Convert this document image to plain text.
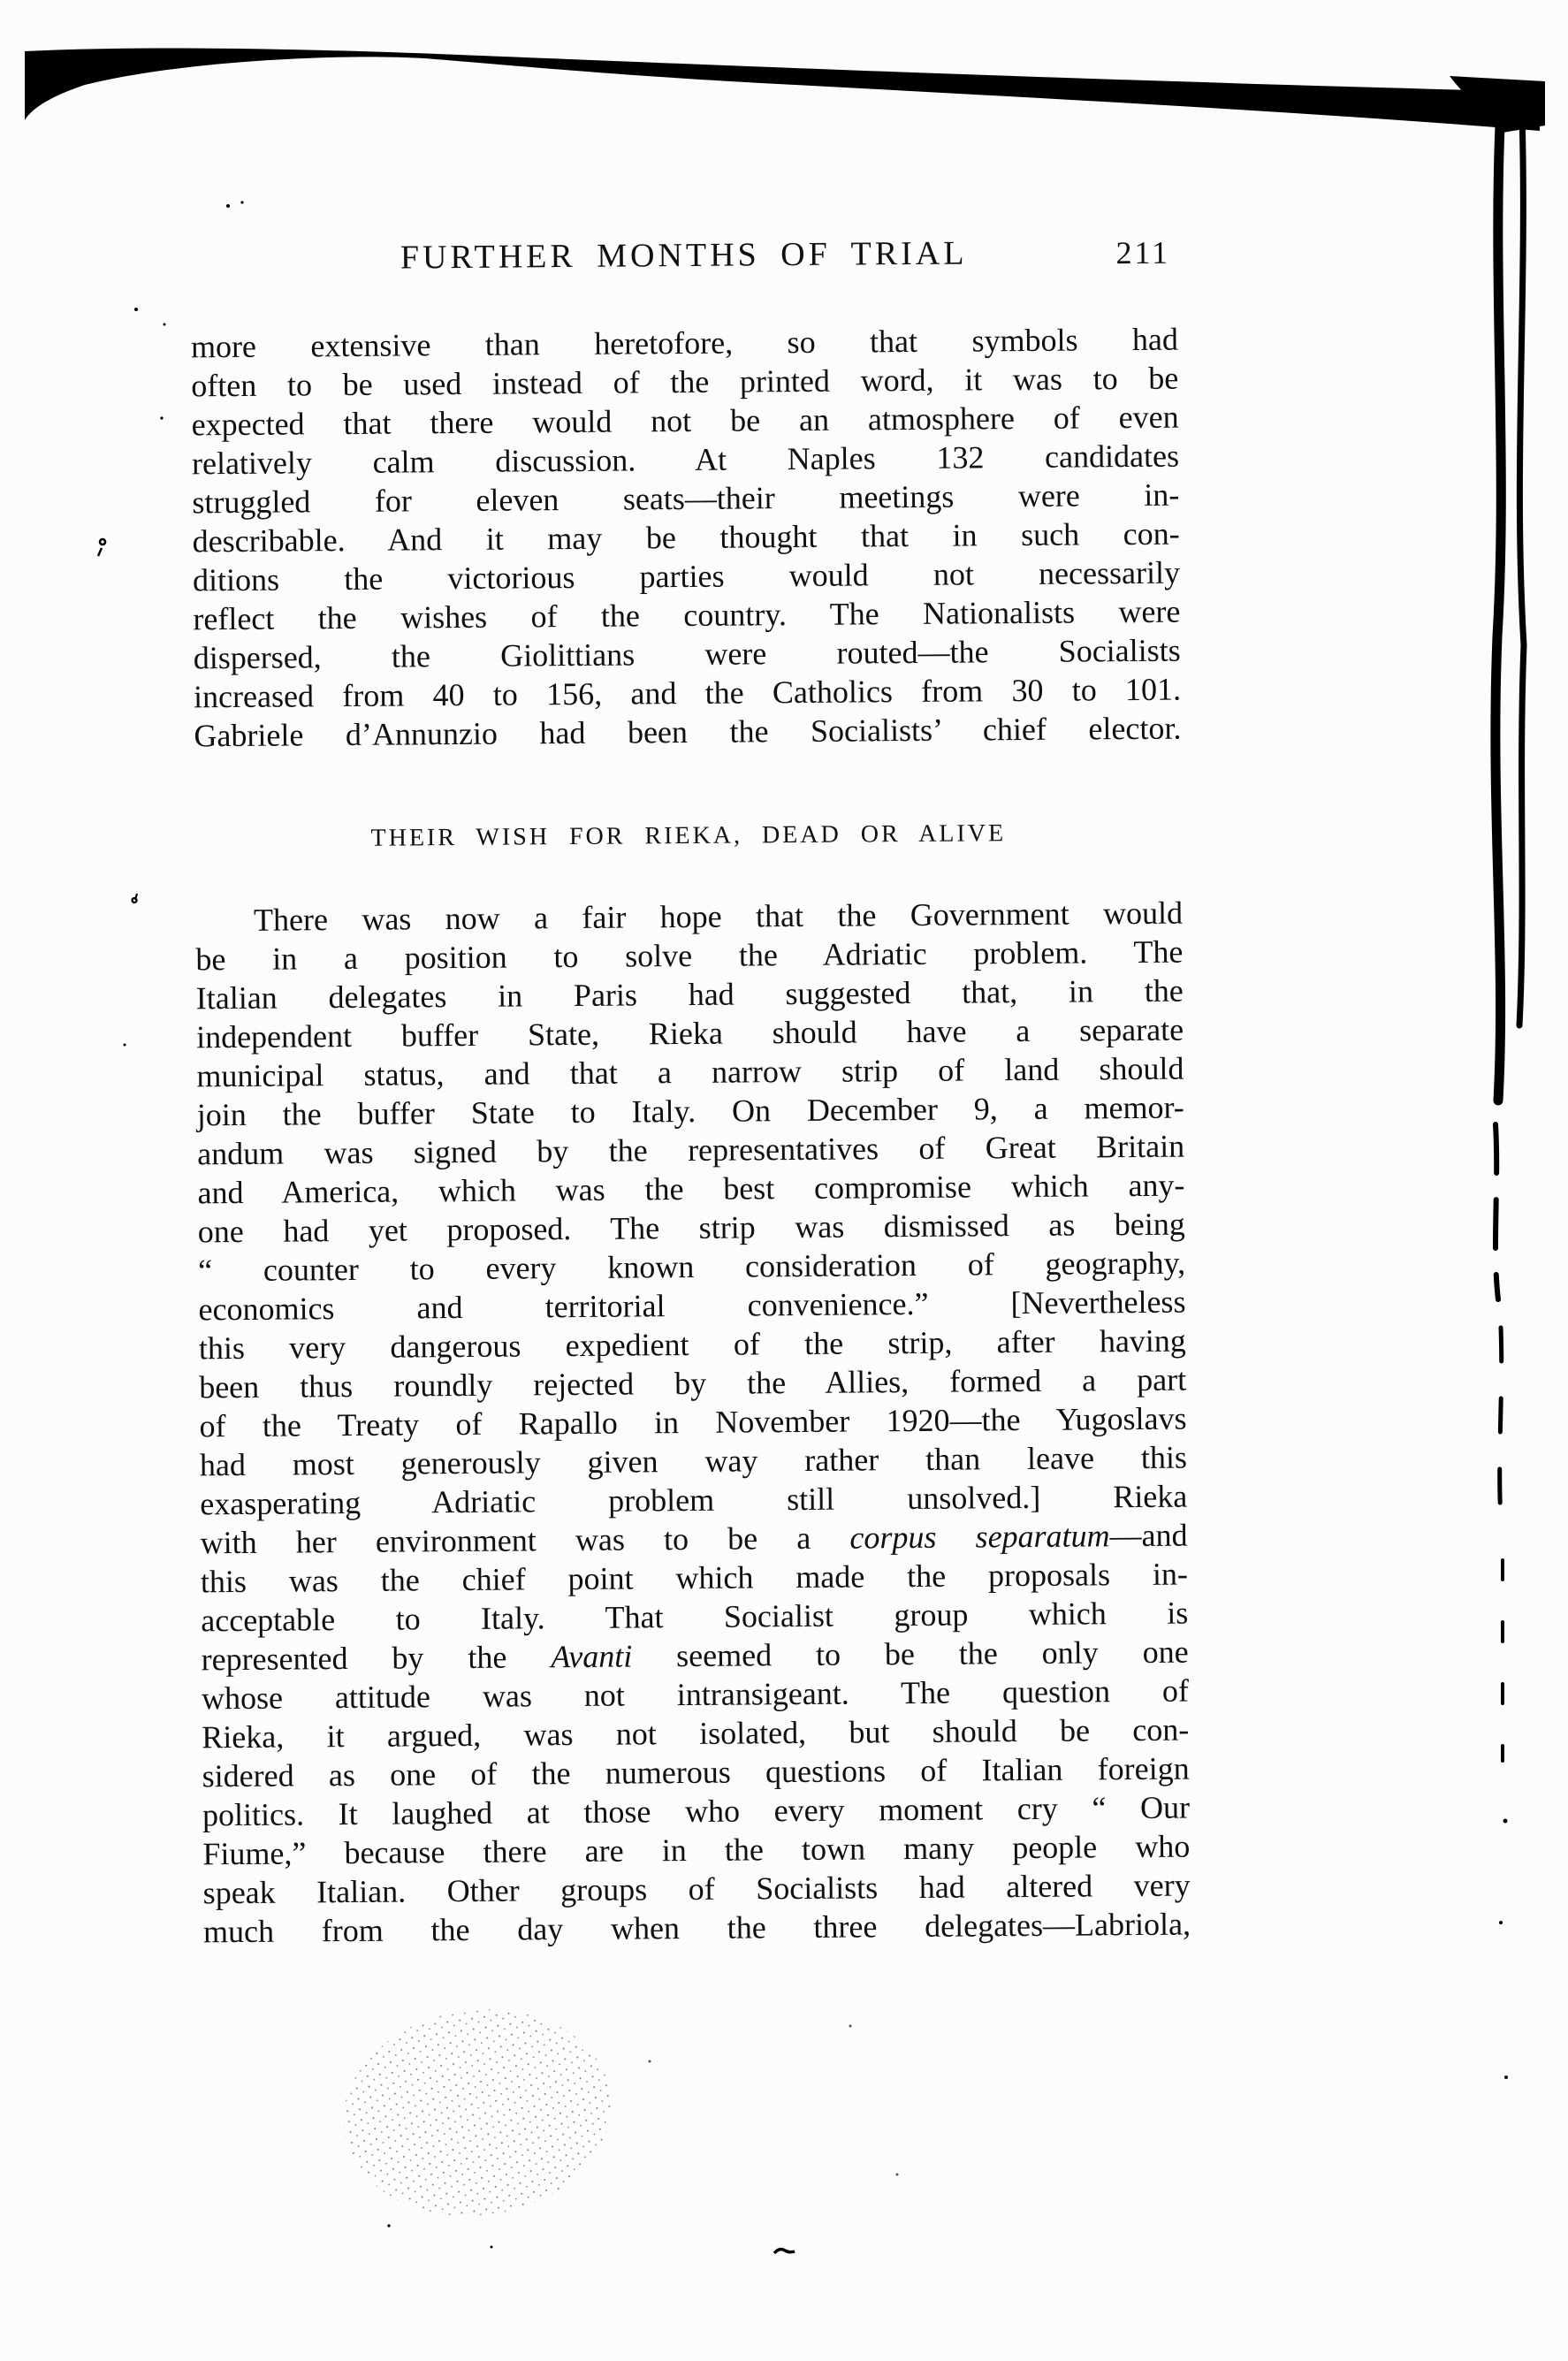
FURTHER MONTHS OF TRIAL	211
more extensive than heretofore, so that symbols had
often to be used instead of the printed word, it was to be
expected that there would not be an atmosphere of even
relatively calm discussion. At Naples 132 candidates
struggled for eleven seats—their meetings were in-
describable. And it may be thought that in such con-
ditions the victorious parties would not necessarily
reflect the wishes of the country. The Nationalists were
dispersed, the Giolittians were routed—the Socialists
increased from 40 to 156, and the Catholics from 30 to 101.
Gabriele d’Annunzio had been the Socialists’ chief elector.
THEIR WISH FOR RIEKA, DEAD OR ALIVE
There was now a fair hope that the Government would
be in a position to solve the Adriatic problem. The
Italian delegates in Paris had suggested that, in the
independent buffer State, Rieka should have a separate
municipal status, and that a narrow strip of land should
join the buffer State to Italy. On December 9, a memor-
andum was signed by the representatives of Great Britain
and America, which was the best compromise which any-
one had yet proposed. The strip was dismissed as being
“ counter to every known consideration of geography,
economics and territorial convenience.” [Nevertheless
this very dangerous expedient of the strip, after having
been thus roundly rejected by the Allies, formed a part
of the Treaty of Rapallo in November 1920—the Yugoslavs
had most generously given way rather than leave this
exasperating Adriatic problem still unsolved.] Rieka
with her environment was to be a corpus separatum—and
this was the chief point which made the proposals in-
acceptable to Italy. That Socialist group which is
represented by the Avanti seemed to be the only one
whose attitude was not intransigeant. The question of
Rieka, it argued, was not isolated, but should be con-
sidered as one of the numerous questions of Italian foreign
politics. It laughed at those who every moment cry “ Our
Fiume,” because there are in the town many people who
speak Italian. Other groups of Socialists had altered very
much from the day when the three delegates—Labriola,
